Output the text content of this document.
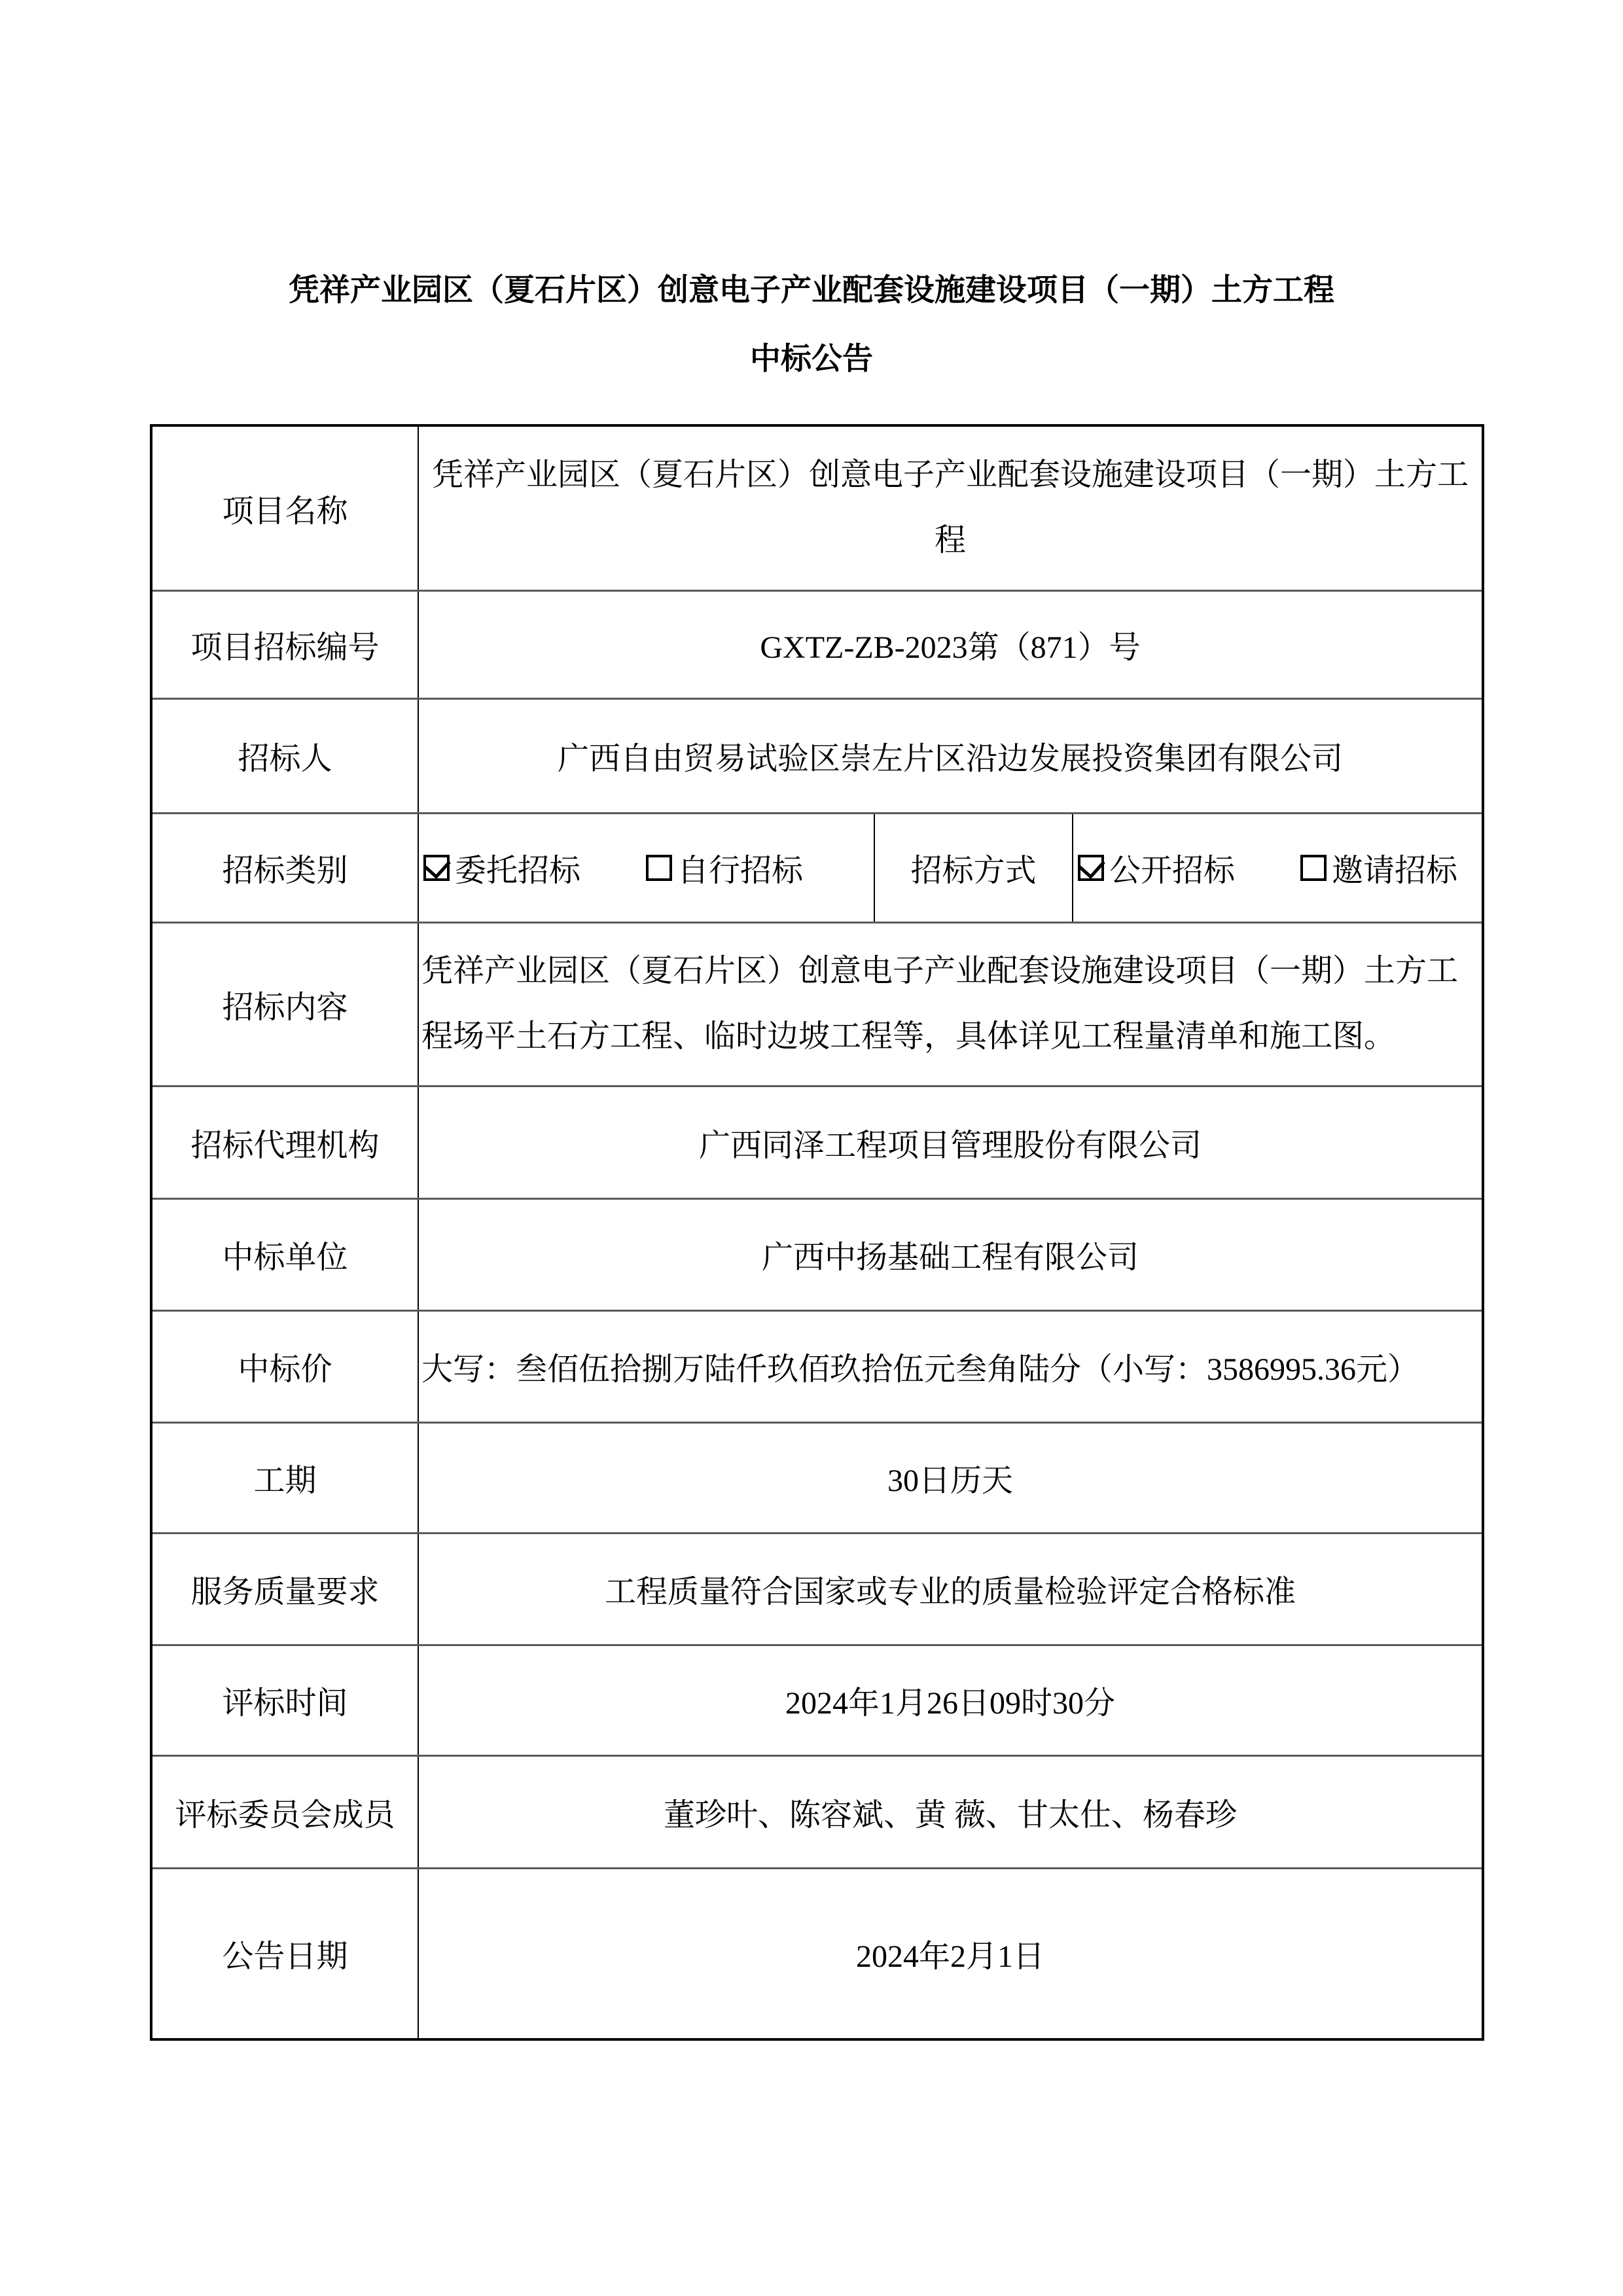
凭祥产业园区（夏石片区）创意电子产业配套设施建设项目（一期）土方工程
中标公告
项目名称	凭祥产业园区（夏石片区）创意电子产业配套设施建设项目（一期）土方工程		
项目招标编号	GXTZ-ZB-2023第（871）号		
招标人	广西自由贸易试验区崇左片区沿边发展投资集团有限公司		
招标类别	委托招标 自行招标	招标方式	公开招标 邀请招标

招标内容	凭祥产业园区（夏石片区）创意电子产业配套设施建设项目（一期）土方工程场平土石方工程、临时边坡工程等，具体详见工程量清单和施工图。		
招标代理机构	广西同泽工程项目管理股份有限公司		
中标单位	广西中扬基础工程有限公司		
中标价	大写：叁佰伍拾捌万陆仟玖佰玖拾伍元叁角陆分（小写：3586995.36元）		
工期	30日历天		
服务质量要求	工程质量符合国家或专业的质量检验评定合格标准		
评标时间	2024年1月26日09时30分		
评标委员会成员	董珍叶、陈容斌、黄 薇、甘太仕、杨春珍		
公告日期	2024年2月1日		
